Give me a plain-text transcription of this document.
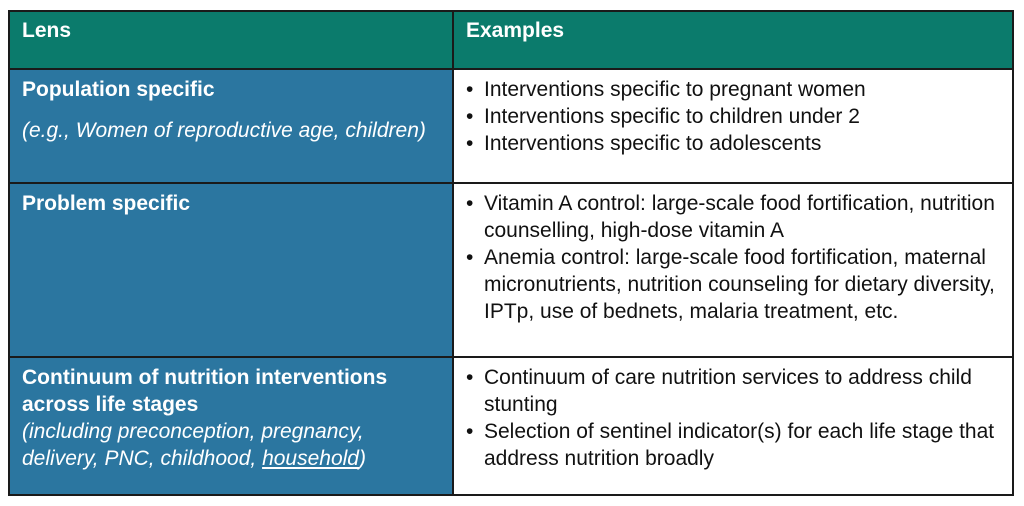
Lens	Examples
Population specific
(e.g., Women of reproductive age, children)
• Interventions specific to pregnant women
• Interventions specific to children under 2
• Interventions specific to adolescents
Problem specific
•	Vitamin A control: large-scale food fortification, nutrition counselling, high-dose vitamin A
• Anemia control: large-scale food fortification, maternal micronutrients, nutrition counseling for dietary diversity, IPTp, use of bednets, malaria treatment, etc.
Continuum of nutrition interventions across life stages
(including preconception, pregnancy, delivery, PNC, childhood, household)
• Continuum of care nutrition services to address child stunting
• Selection of sentinel indicator(s) for each life stage that address nutrition broadly
